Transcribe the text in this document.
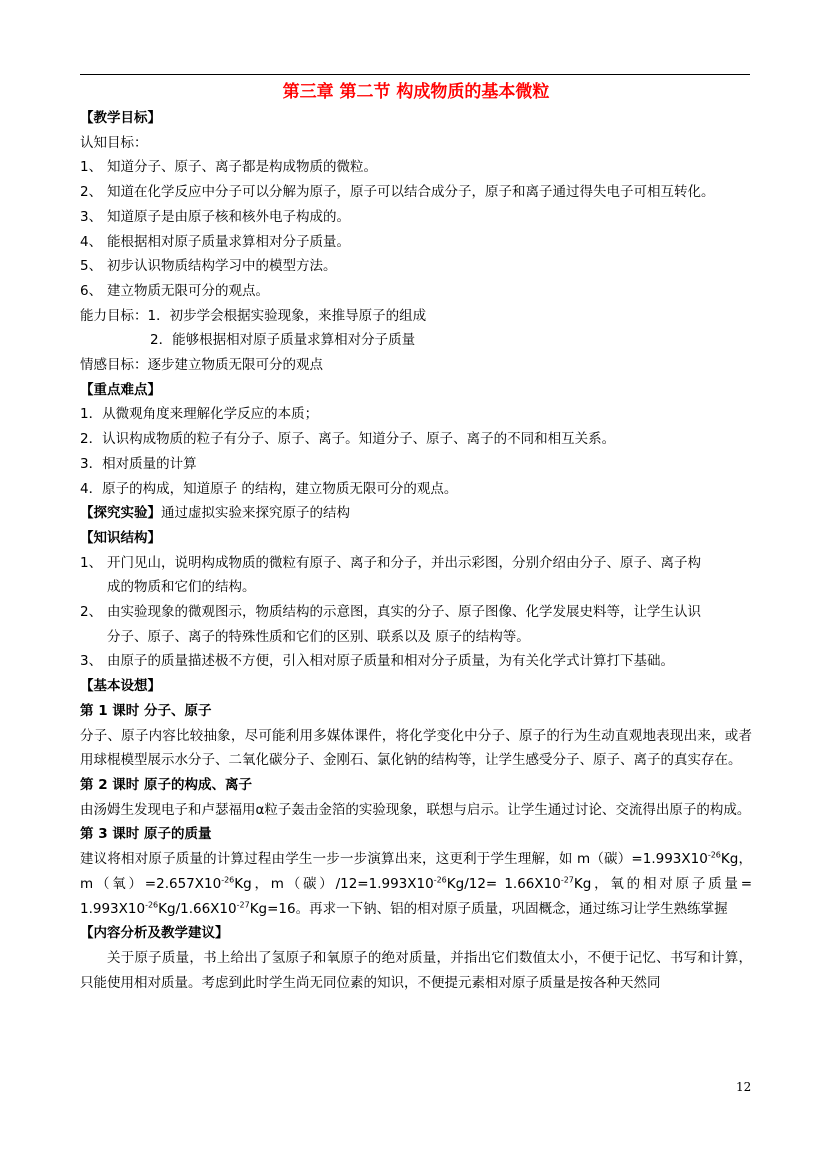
第三章 第二节 构成物质的基本微粒
【教学目标】
认知目标：
1、 知道分子、原子、离子都是构成物质的微粒。
2、 知道在化学反应中分子可以分解为原子，原子可以结合成分子，原子和离子通过得失电子可相互转化。
3、 知道原子是由原子核和核外电子构成的。
4、 能根据相对原子质量求算相对分子质量。
5、 初步认识物质结构学习中的模型方法。
6、 建立物质无限可分的观点。
能力目标：1．初步学会根据实验现象，来推导原子的组成
2．能够根据相对原子质量求算相对分子质量
情感目标：逐步建立物质无限可分的观点
【重点难点】
1．从微观角度来理解化学反应的本质；
2．认识构成物质的粒子有分子、原子、离子。知道分子、原子、离子的不同和相互关系。
3．相对质量的计算
4．原子的构成，知道原子 的结构，建立物质无限可分的观点。
【探究实验】通过虚拟实验来探究原子的结构
【知识结构】
1、 开门见山，说明构成物质的微粒有原子、离子和分子，并出示彩图，分别介绍由分子、原子、离子构
成的物质和它们的结构。
2、 由实验现象的微观图示，物质结构的示意图，真实的分子、原子图像、化学发展史料等，让学生认识
分子、原子、离子的特殊性质和它们的区别、联系以及 原子的结构等。
3、 由原子的质量描述极不方便，引入相对原子质量和相对分子质量，为有关化学式计算打下基础。
【基本设想】
第 1 课时 分子、原子
分子、原子内容比较抽象，尽可能利用多媒体课件，将化学变化中分子、原子的行为生动直观地表现出来，或者用球棍模型展示水分子、二氧化碳分子、金刚石、氯化钠的结构等，让学生感受分子、原子、离子的真实存在。
第 2 课时 原子的构成、离子
由汤姆生发现电子和卢瑟福用α粒子轰击金箔的实验现象，联想与启示。让学生通过讨论、交流得出原子的构成。
第 3 课时 原子的质量
建议将相对原子质量的计算过程由学生一步一步演算出来，这更利于学生理解，如 m（碳）$=1.993X10^{-26}Kg$，m（氧）$=2.657X10^{-26}Kg$，m（碳）$/12=1.993X10^{-26}Kg/12= 1.66X10^{-27}Kg$，氧的相对原子质量= $1.993X10^{-26}Kg/1.66X10^{-27}Kg=16$。再求一下钠、铝的相对原子质量，巩固概念，通过练习让学生熟练掌握
【内容分析及教学建议】
关于原子质量，书上给出了氢原子和氧原子的绝对质量，并指出它们数值太小，不便于记忆、书写和计算，只能使用相对质量。考虑到此时学生尚无同位素的知识，不便提元素相对原子质量是按各种天然同
12
